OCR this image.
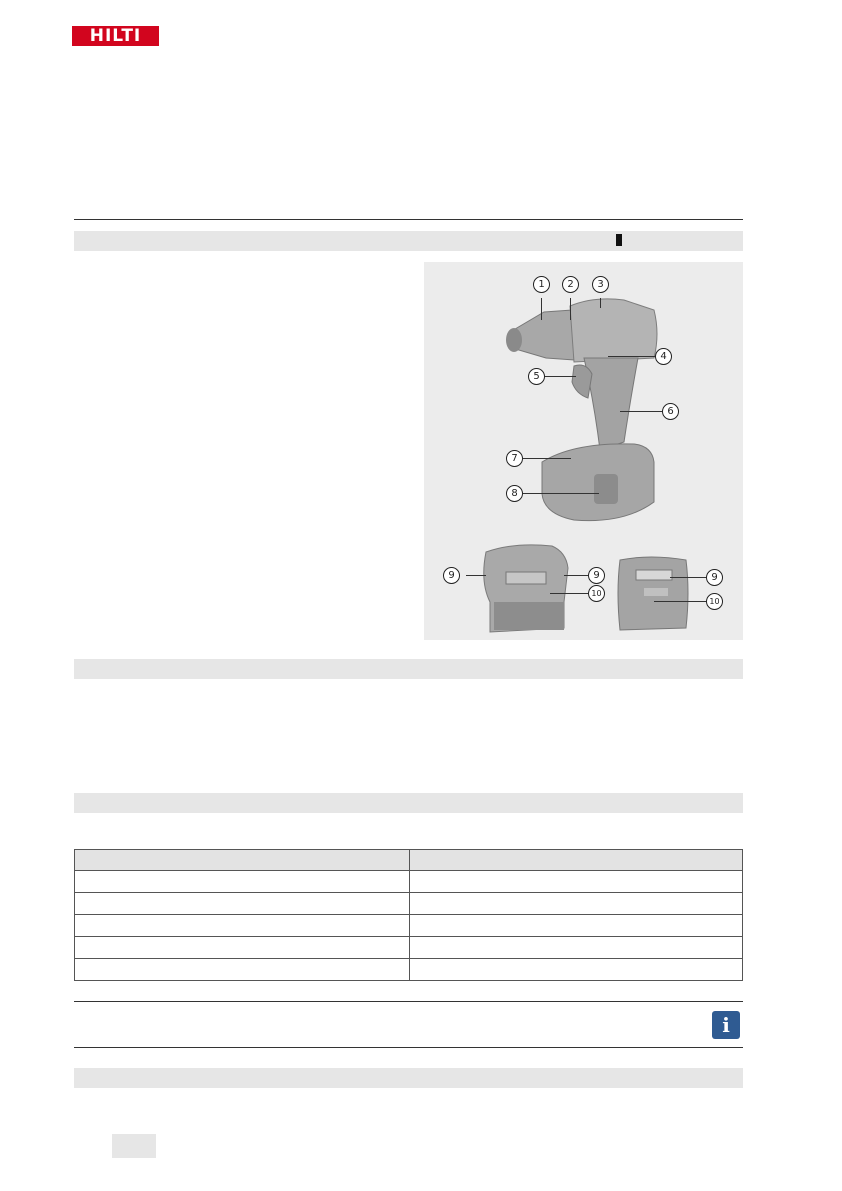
HILTI
1	2	3
4
5
6
7
8
9	9	9
10
10

i
